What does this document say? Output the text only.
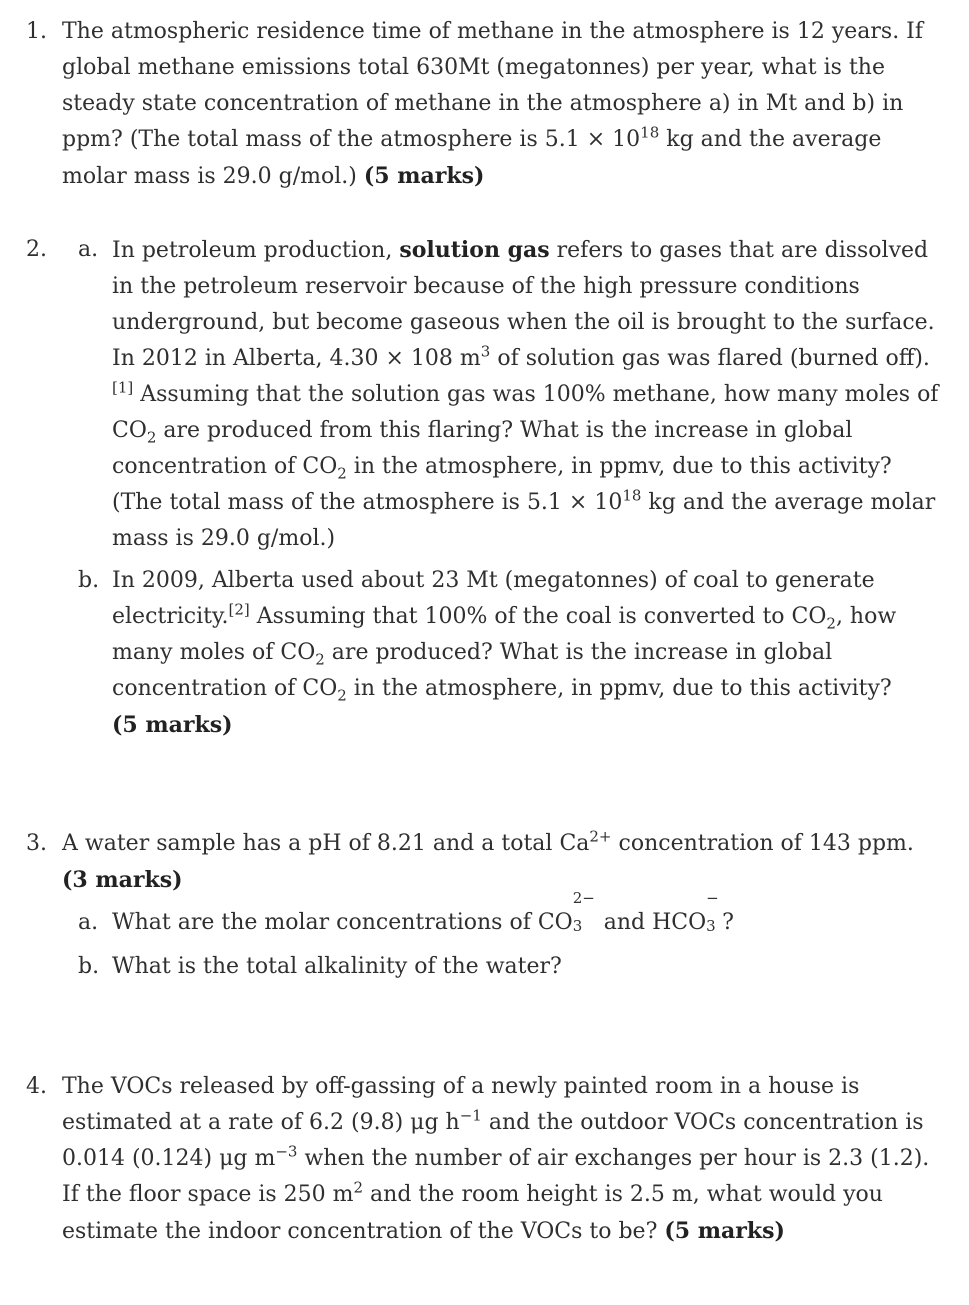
1. The atmospheric residence time of methane in the atmosphere is 12 years. If global methane emissions total 630Mt (megatonnes) per year, what is the steady state concentration of methane in the atmosphere a) in Mt and b) in ppm? (The total mass of the atmosphere is $5.1 \times 10^{18}$ kg and the average molar mass is 29.0 g/mol.) (5 marks)
2. a. In petroleum production, solution gas refers to gases that are dissolved in the petroleum reservoir because of the high pressure conditions underground, but become gaseous when the oil is brought to the surface. In 2012 in Alberta, 4.30 × 108 $m^3$ of solution gas was flared (burned off).[1] Assuming that the solution gas was 100% methane, how many moles of $CO_2$ are produced from this flaring? What is the increase in global concentration of $CO_2$ in the atmosphere, in ppmv, due to this activity? (The total mass of the atmosphere is $5.1 \times 10^{18}$ kg and the average molar mass is 29.0 g/mol.)
b. In 2009, Alberta used about 23 Mt (megatonnes) of coal to generate electricity.[2] Assuming that 100% of the coal is converted to $CO_2$, how many moles of $CO_2$ are produced? What is the increase in global concentration of $CO_2$ in the atmosphere, in ppmv, due to this activity?
(5 marks)
3. A water sample has a pH of 8.21 and a total $Ca^{2+}$ concentration of 143 ppm.
(3 marks)
a. What are the molar concentrations of CO
2−
3 and HCO
−
3 ?
b. What is the total alkalinity of the water?
4. The VOCs released by off-gassing of a newly painted room in a house is estimated at a rate of 6.2 (9.8) μg $h^{-1}$ and the outdoor VOCs concentration is 0.014 (0.124) μg $m^{-3}$ when the number of air exchanges per hour is 2.3 (1.2). If the floor space is 250 $m^2$ and the room height is 2.5 m, what would you estimate the indoor concentration of the VOCs to be? (5 marks)
